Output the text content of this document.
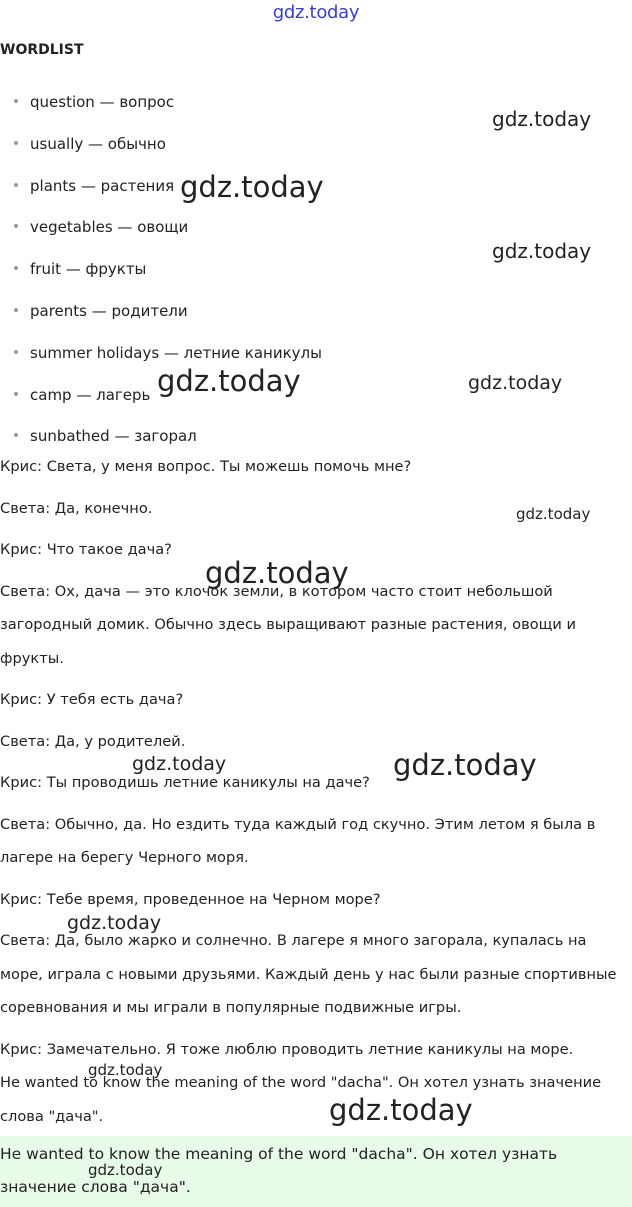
gdz.today
WORDLIST
question — вопрос
usually — обычно
plants — растения
vegetables — овощи
fruit — фрукты
parents — родители
summer holidays — летние каникулы
camp — лагерь
sunbathed — загорал

Крис: Света, у меня вопрос. Ты можешь помочь мне?

Света: Да, конечно.

Крис: Что такое дача?

Света: Ох, дача — это клочок земли, в котором часто стоит небольшой загородный домик. Обычно здесь выращивают разные растения, овощи и фрукты.

Крис: У тебя есть дача?

Света: Да, у родителей.

Крис: Ты проводишь летние каникулы на даче?

Света: Обычно, да. Но ездить туда каждый год скучно. Этим летом я была в лагере на берегу Черного моря.

Крис: Тебе время, проведенное на Черном море?

Света: Да, было жарко и солнечно. В лагере я много загорала, купалась на море, играла с новыми друзьями. Каждый день у нас были разные спортивные соревнования и мы играли в популярные подвижные игры.

Крис: Замечательно. Я тоже люблю проводить летние каникулы на море.

He wanted to know the meaning of the word "dacha". Он хотел узнать значение слова "дача".

He wanted to know the meaning of the word "dacha". Он хотел узнать значение слова "дача".
gdz.today
gdz.today
gdz.today
gdz.today	gdz.today
gdz.today
gdz.today
gdz.today	gdz.today
gdz.today
gdz.today
gdz.today
gdz.today
